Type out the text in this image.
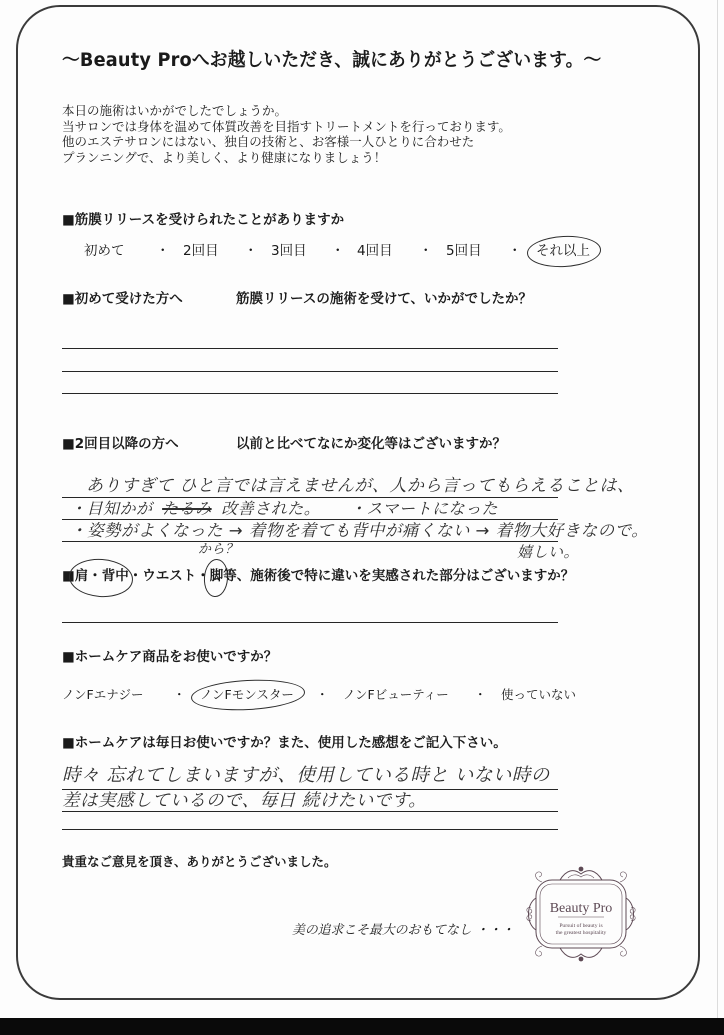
～Beauty Proへお越しいただき、誠にありがとうございます。～
本日の施術はいかがでしたでしょうか。
当サロンでは身体を温めて体質改善を目指すトリートメントを行っております。
他のエステサロンにはない、独自の技術と、お客様一人ひとりに合わせた
プランニングで、より美しく、より健康になりましょう！
■筋膜リリースを受けられたことがありますか
初めて ・ 2回目 ・ 3回目 ・ 4回目 ・ 5回目 ・ それ以上
■初めて受けた方へ	筋膜リリースの施術を受けて、いかがでしたか？
■2回目以降の方へ	以前と比べてなにか変化等はございますか？
ありすぎて ひと言では言えませんが、人から言ってもらえることは、
・目知かが たるみ 改善された。 ・スマートになった
・姿勢がよくなった → 着物を着ても背中が痛くない → 着物大好きなので。
から？	嬉しい。
■肩・背中・ウエスト・脚等、施術後で特に違いを実感された部分はございますか？
■ホームケア商品をお使いですか？
ノンFエナジー ・ ノンFモンスター ・ ノンFビューティー ・ 使っていない
■ホームケアは毎日お使いですか？また、使用した感想をご記入下さい。
時々 忘れてしまいますが、使用している時と いない時の
差は実感しているので、毎日 続けたいです。
貴重なご意見を頂き、ありがとうございました。
美の追求こそ最大のおもてなし ・・・
Beauty Pro
Pursuit of beauty is
the greatest hospitality
